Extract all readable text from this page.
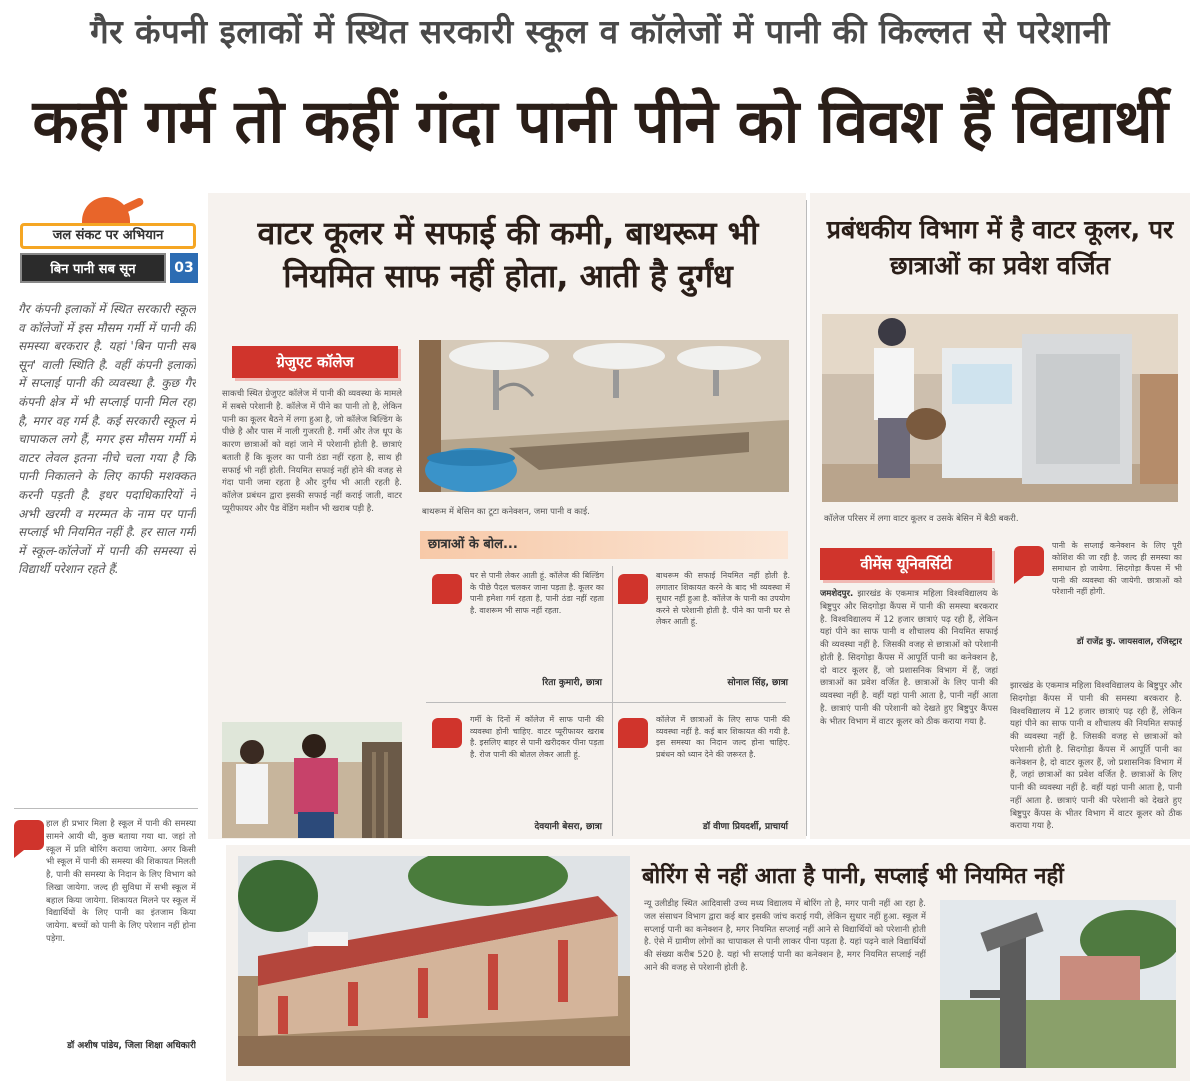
गैर कंपनी इलाकों में स्थित सरकारी स्कूल व कॉलेजों में पानी की किल्लत से परेशानी
कहीं गर्म तो कहीं गंदा पानी पीने को विवश हैं विद्यार्थी
जल संकट पर अभियान
बिन पानी सब सून	03
गैर कंपनी इलाकों में स्थित सरकारी स्कूल व कॉलेजों में इस मौसम गर्मी में पानी की समस्या बरकरार है. यहां 'बिन पानी सब सून' वाली स्थिति है. वहीं कंपनी इलाकों में सप्लाई पानी की व्यवस्था है. कुछ गैर कंपनी क्षेत्र में भी सप्लाई पानी मिल रहा है, मगर वह गर्म है. कई सरकारी स्कूल में चापाकल लगे हैं, मगर इस मौसम गर्मी में वाटर लेवल इतना नीचे चला गया है कि पानी निकालने के लिए काफी मशक्कत करनी पड़ती है. इधर पदाधिकारियों ने अभी खरमी व मरम्मत के नाम पर पानी सप्लाई भी नियमित नहीं है. हर साल गर्मी में स्कूल-कॉलेजों में पानी की समस्या से विद्यार्थी परेशान रहते हैं.
हाल ही प्रभार मिला है स्कूल में पानी की समस्या सामने आयी थी, कुछ बताया गया था. जहां तो स्कूल में प्रति बोरिंग कराया जायेगा. अगर किसी भी स्कूल में पानी की समस्या की शिकायत मिलती है, पानी की समस्या के निदान के लिए विभाग को लिखा जायेगा. जल्द ही सुविधा में सभी स्कूल में बहाल किया जायेगा. शिकायत मिलने पर स्कूल में विद्यार्थियों के लिए पानी का इंतजाम किया जायेगा. बच्चों को पानी के लिए परेशान नहीं होना पड़ेगा.
डॉ अशीष पांडेय, जिला शिक्षा अधिकारी
वाटर कूलर में सफाई की कमी, बाथरूम भी नियमित साफ नहीं होता, आती है दुर्गंध
ग्रेजुएट कॉलेज
साकची स्थित ग्रेजुएट कॉलेज में पानी की व्यवस्था के मामले में सबसे परेशानी है. कॉलेज में पीने का पानी तो है, लेकिन पानी का कूलर बैठने में लगा हुआ है, जो कॉलेज बिल्डिंग के पीछे है और पास में नाली गुजरती है. गर्मी और तेज धूप के कारण छात्राओं को वहां जाने में परेशानी होती है. छात्राएं बताती हैं कि कूलर का पानी ठंडा नहीं रहता है, साथ ही सफाई भी नहीं होती. नियमित सफाई नहीं होने की वजह से गंदा पानी जमा रहता है और दुर्गंध भी आती रहती है. कॉलेज प्रबंधन द्वारा इसकी सफाई नहीं कराई जाती, वाटर प्यूरीफायर और पैड वेंडिंग मशीन भी खराब पड़ी है.	बाथरूम में बेसिन का टूटा कनेक्शन, जमा पानी व काई.
छात्राओं के बोल...
घर से पानी लेकर आती हूं. कॉलेज की बिल्डिंग के पीछे पैदल चलकर जाना पड़ता है. कूलर का पानी हमेशा गर्म रहता है, पानी ठंडा नहीं रहता है. वाशरूम भी साफ नहीं रहता.
रिता कुमारी, छात्रा
बाथरूम की सफाई नियमित नहीं होती है. लगातार शिकायत करने के बाद भी व्यवस्था में सुधार नहीं हुआ है. कॉलेज के पानी का उपयोग करने से परेशानी होती है. पीने का पानी घर से लेकर आती हूं.
सोनाल सिंह, छात्रा
गर्मी के दिनों में कॉलेज में साफ पानी की व्यवस्था होनी चाहिए. वाटर प्यूरीफायर खराब है. इसलिए बाहर से पानी खरीदकर पीना पड़ता है. रोज पानी की बोतल लेकर आती हूं.
देवयानी बेसरा, छात्रा
कॉलेज में छात्राओं के लिए साफ पानी की व्यवस्था नहीं है. कई बार शिकायत की गयी है. इस समस्या का निदान जल्द होना चाहिए. प्रबंधन को ध्यान देने की जरूरत है.
डॉ वीणा प्रियदर्शी, प्राचार्या
प्रबंधकीय विभाग में है वाटर कूलर, पर छात्राओं का प्रवेश वर्जित
कॉलेज परिसर में लगा वाटर कूलर व उसके बेसिन में बैठी बकरी.
वीमेंस यूनिवर्सिटी
जमशेदपुर. झारखंड के एकमात्र महिला विश्वविद्यालय के बिष्टुपुर और सिदगोड़ा कैंपस में पानी की समस्या बरकरार है. विश्वविद्यालय में 12 हजार छात्राएं पढ़ रही हैं, लेकिन यहां पीने का साफ पानी व शौचालय की नियमित सफाई की व्यवस्था नहीं है. जिसकी वजह से छात्राओं को परेशानी होती है. सिदगोड़ा कैंपस में आपूर्ति पानी का कनेक्शन है, दो वाटर कूलर हैं, जो प्रशासनिक विभाग में हैं, जहां छात्राओं का प्रवेश वर्जित है. छात्राओं के लिए पानी की व्यवस्था नहीं है. वहीं यहां पानी आता है, पानी नहीं आता है. छात्राएं पानी की परेशानी को देखते हुए बिष्टुपुर कैंपस के भीतर विभाग में वाटर कूलर को ठीक कराया गया है.
पानी के सप्लाई कनेक्शन के लिए पूरी कोशिश की जा रही है. जल्द ही समस्या का समाधान हो जायेगा. सिदगोड़ा कैंपस में भी पानी की व्यवस्था की जायेगी. छात्राओं को परेशानी नहीं होगी.
डॉ राजेंद्र कु. जायसवाल, रजिस्ट्रार
झारखंड के एकमात्र महिला विश्वविद्यालय के बिष्टुपुर और सिदगोड़ा कैंपस में पानी की समस्या बरकरार है. विश्वविद्यालय में 12 हजार छात्राएं पढ़ रही हैं, लेकिन यहां पीने का साफ पानी व शौचालय की नियमित सफाई की व्यवस्था नहीं है. जिसकी वजह से छात्राओं को परेशानी होती है. सिदगोड़ा कैंपस में आपूर्ति पानी का कनेक्शन है, दो वाटर कूलर हैं, जो प्रशासनिक विभाग में हैं, जहां छात्राओं का प्रवेश वर्जित है. छात्राओं के लिए पानी की व्यवस्था नहीं है. वहीं यहां पानी आता है, पानी नहीं आता है. छात्राएं पानी की परेशानी को देखते हुए बिष्टुपुर कैंपस के भीतर विभाग में वाटर कूलर को ठीक कराया गया है.
बोरिंग से नहीं आता है पानी, सप्लाई भी नियमित नहीं
न्यू उलीडीह स्थित आदिवासी उच्च मध्य विद्यालय में बोरिंग तो है, मगर पानी नहीं आ रहा है. जल संसाधन विभाग द्वारा कई बार इसकी जांच कराई गयी, लेकिन सुधार नहीं हुआ. स्कूल में सप्लाई पानी का कनेक्शन है, मगर नियमित सप्लाई नहीं आने से विद्यार्थियों को परेशानी होती है. ऐसे में ग्रामीण लोगों का चापाकल से पानी लाकर पीना पड़ता है. यहां पढ़ने वाले विद्यार्थियों की संख्या करीब 520 है. यहां भी सप्लाई पानी का कनेक्शन है, मगर नियमित सप्लाई नहीं आने की वजह से परेशानी होती है.
